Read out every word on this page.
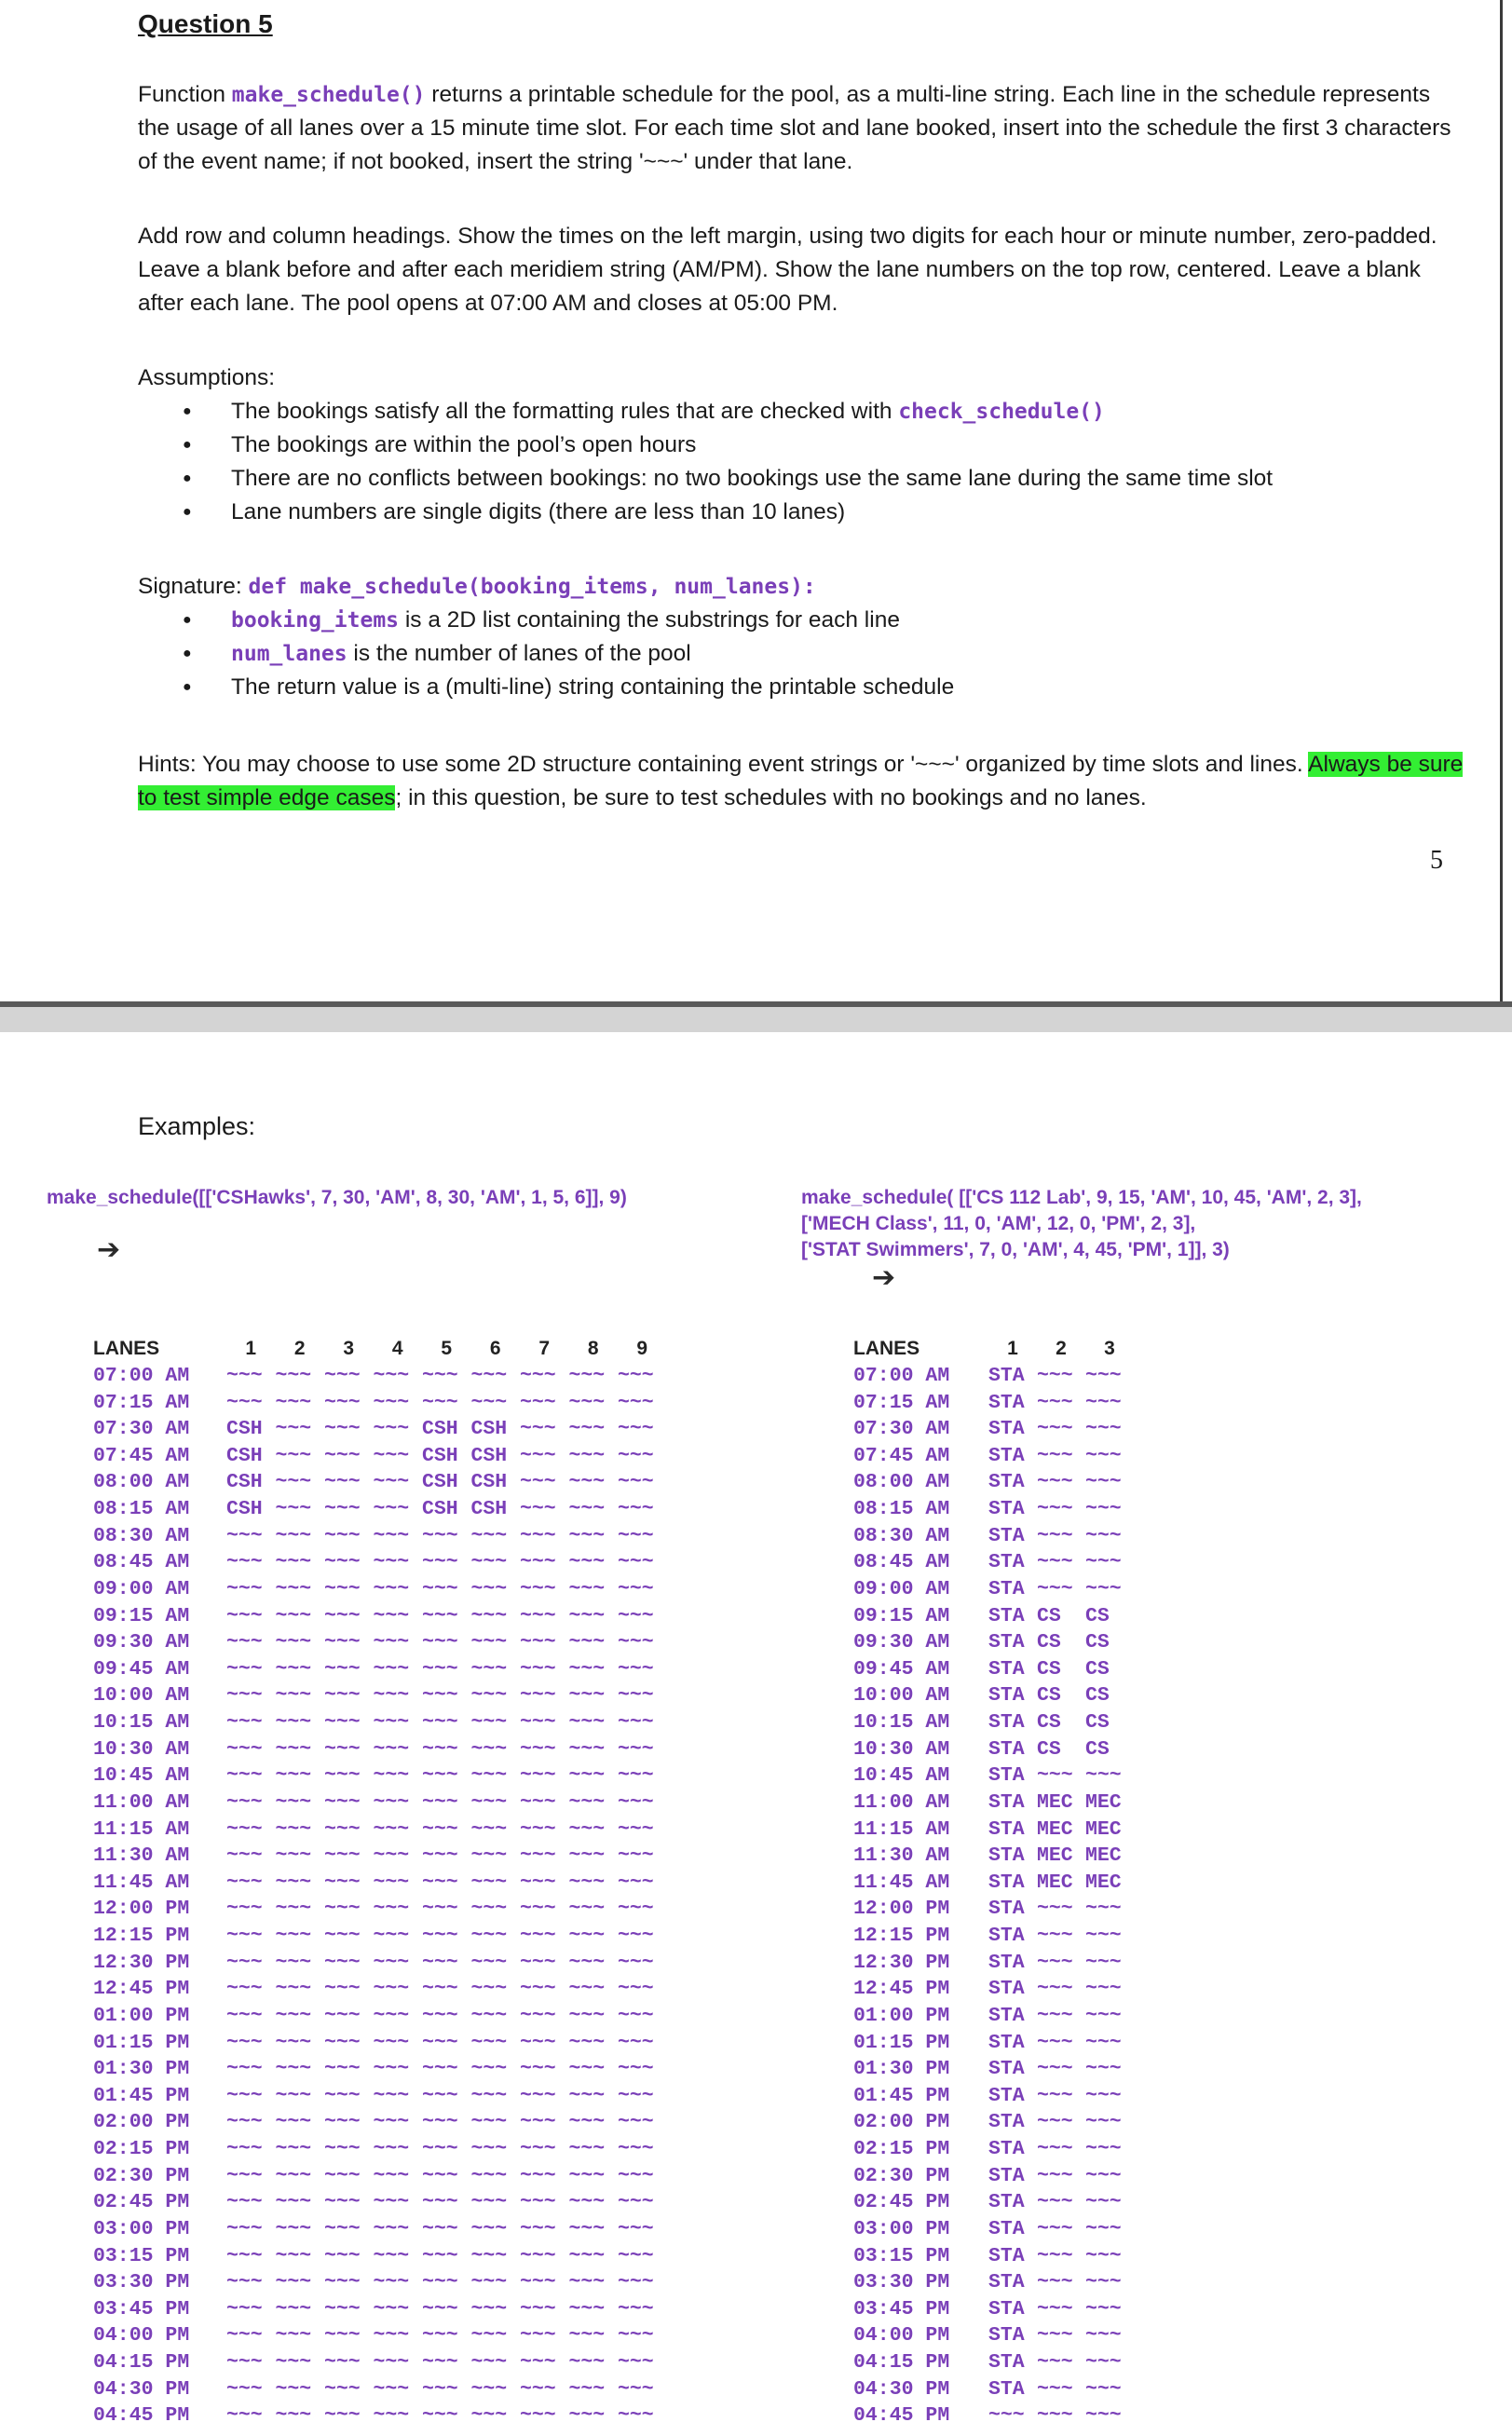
Question 5

Function make_schedule() returns a printable schedule for the pool, as a multi-line string. Each line in the schedule represents the usage of all lanes over a 15 minute time slot. For each time slot and lane booked, insert into the schedule the first 3 characters of the event name; if not booked, insert the string '~~~' under that lane.

Add row and column headings. Show the times on the left margin, using two digits for each hour or minute number, zero-padded. Leave a blank before and after each meridiem string (AM/PM). Show the lane numbers on the top row, centered. Leave a blank after each lane. The pool opens at 07:00 AM and closes at 05:00 PM.

Assumptions:

● The bookings satisfy all the formatting rules that are checked with check_schedule()
● The bookings are within the pool’s open hours
● There are no conflicts between bookings: no two bookings use the same lane during the same time slot
● Lane numbers are single digits (there are less than 10 lanes)

Signature: def make_schedule(booking_items, num_lanes):

● booking_items is a 2D list containing the substrings for each line
● num_lanes is the number of lanes of the pool
● The return value is a (multi-line) string containing the printable schedule

Hints: You may choose to use some 2D structure containing event strings or '~~~' organized by time slots and lines. Always be sure to test simple edge cases; in this question, be sure to test schedules with no bookings and no lanes.

5

Examples:

make_schedule([['CSHawks', 7, 30, 'AM', 8, 30, 'AM', 1, 5, 6]], 9)
➔
make_schedule( [['CS 112 Lab', 9, 15, 'AM', 10, 45, 'AM', 2, 3],
['MECH Class', 11, 0, 'AM', 12, 0, 'PM', 2, 3],
['STAT Swimmers', 7, 0, 'AM', 4, 45, 'PM', 1]], 3)
➔
LANES	1	2	3	4	5	6	7	8	9
07:00 AM	~~~ ~~~ ~~~ ~~~ ~~~ ~~~ ~~~ ~~~ ~~~
07:15 AM	~~~ ~~~ ~~~ ~~~ ~~~ ~~~ ~~~ ~~~ ~~~
07:30 AM	CSH ~~~ ~~~ ~~~ CSH CSH ~~~ ~~~ ~~~
07:45 AM	CSH ~~~ ~~~ ~~~ CSH CSH ~~~ ~~~ ~~~
08:00 AM	CSH ~~~ ~~~ ~~~ CSH CSH ~~~ ~~~ ~~~
08:15 AM	CSH ~~~ ~~~ ~~~ CSH CSH ~~~ ~~~ ~~~
08:30 AM	~~~ ~~~ ~~~ ~~~ ~~~ ~~~ ~~~ ~~~ ~~~
08:45 AM	~~~ ~~~ ~~~ ~~~ ~~~ ~~~ ~~~ ~~~ ~~~
09:00 AM	~~~ ~~~ ~~~ ~~~ ~~~ ~~~ ~~~ ~~~ ~~~
09:15 AM	~~~ ~~~ ~~~ ~~~ ~~~ ~~~ ~~~ ~~~ ~~~
09:30 AM	~~~ ~~~ ~~~ ~~~ ~~~ ~~~ ~~~ ~~~ ~~~
09:45 AM	~~~ ~~~ ~~~ ~~~ ~~~ ~~~ ~~~ ~~~ ~~~
10:00 AM	~~~ ~~~ ~~~ ~~~ ~~~ ~~~ ~~~ ~~~ ~~~
10:15 AM	~~~ ~~~ ~~~ ~~~ ~~~ ~~~ ~~~ ~~~ ~~~
10:30 AM	~~~ ~~~ ~~~ ~~~ ~~~ ~~~ ~~~ ~~~ ~~~
10:45 AM	~~~ ~~~ ~~~ ~~~ ~~~ ~~~ ~~~ ~~~ ~~~
11:00 AM	~~~ ~~~ ~~~ ~~~ ~~~ ~~~ ~~~ ~~~ ~~~
11:15 AM	~~~ ~~~ ~~~ ~~~ ~~~ ~~~ ~~~ ~~~ ~~~
11:30 AM	~~~ ~~~ ~~~ ~~~ ~~~ ~~~ ~~~ ~~~ ~~~
11:45 AM	~~~ ~~~ ~~~ ~~~ ~~~ ~~~ ~~~ ~~~ ~~~
12:00 PM	~~~ ~~~ ~~~ ~~~ ~~~ ~~~ ~~~ ~~~ ~~~
12:15 PM	~~~ ~~~ ~~~ ~~~ ~~~ ~~~ ~~~ ~~~ ~~~
12:30 PM	~~~ ~~~ ~~~ ~~~ ~~~ ~~~ ~~~ ~~~ ~~~
12:45 PM	~~~ ~~~ ~~~ ~~~ ~~~ ~~~ ~~~ ~~~ ~~~
01:00 PM	~~~ ~~~ ~~~ ~~~ ~~~ ~~~ ~~~ ~~~ ~~~
01:15 PM	~~~ ~~~ ~~~ ~~~ ~~~ ~~~ ~~~ ~~~ ~~~
01:30 PM	~~~ ~~~ ~~~ ~~~ ~~~ ~~~ ~~~ ~~~ ~~~
01:45 PM	~~~ ~~~ ~~~ ~~~ ~~~ ~~~ ~~~ ~~~ ~~~
02:00 PM	~~~ ~~~ ~~~ ~~~ ~~~ ~~~ ~~~ ~~~ ~~~
02:15 PM	~~~ ~~~ ~~~ ~~~ ~~~ ~~~ ~~~ ~~~ ~~~
02:30 PM	~~~ ~~~ ~~~ ~~~ ~~~ ~~~ ~~~ ~~~ ~~~
02:45 PM	~~~ ~~~ ~~~ ~~~ ~~~ ~~~ ~~~ ~~~ ~~~
03:00 PM	~~~ ~~~ ~~~ ~~~ ~~~ ~~~ ~~~ ~~~ ~~~
03:15 PM	~~~ ~~~ ~~~ ~~~ ~~~ ~~~ ~~~ ~~~ ~~~
03:30 PM	~~~ ~~~ ~~~ ~~~ ~~~ ~~~ ~~~ ~~~ ~~~
03:45 PM	~~~ ~~~ ~~~ ~~~ ~~~ ~~~ ~~~ ~~~ ~~~
04:00 PM	~~~ ~~~ ~~~ ~~~ ~~~ ~~~ ~~~ ~~~ ~~~
04:15 PM	~~~ ~~~ ~~~ ~~~ ~~~ ~~~ ~~~ ~~~ ~~~
04:30 PM	~~~ ~~~ ~~~ ~~~ ~~~ ~~~ ~~~ ~~~ ~~~
04:45 PM	~~~ ~~~ ~~~ ~~~ ~~~ ~~~ ~~~ ~~~ ~~~
LANES	1	2	3
07:00 AM	STA ~~~ ~~~
07:15 AM	STA ~~~ ~~~
07:30 AM	STA ~~~ ~~~
07:45 AM	STA ~~~ ~~~
08:00 AM	STA ~~~ ~~~
08:15 AM	STA ~~~ ~~~
08:30 AM	STA ~~~ ~~~
08:45 AM	STA ~~~ ~~~
09:00 AM	STA ~~~ ~~~
09:15 AM	STA CS	CS
09:30 AM	STA CS	CS
09:45 AM	STA CS	CS
10:00 AM	STA CS	CS
10:15 AM	STA CS	CS
10:30 AM	STA CS	CS
10:45 AM	STA ~~~ ~~~
11:00 AM	STA MEC MEC
11:15 AM	STA MEC MEC
11:30 AM	STA MEC MEC
11:45 AM	STA MEC MEC
12:00 PM	STA ~~~ ~~~
12:15 PM	STA ~~~ ~~~
12:30 PM	STA ~~~ ~~~
12:45 PM	STA ~~~ ~~~
01:00 PM	STA ~~~ ~~~
01:15 PM	STA ~~~ ~~~
01:30 PM	STA ~~~ ~~~
01:45 PM	STA ~~~ ~~~
02:00 PM	STA ~~~ ~~~
02:15 PM	STA ~~~ ~~~
02:30 PM	STA ~~~ ~~~
02:45 PM	STA ~~~ ~~~
03:00 PM	STA ~~~ ~~~
03:15 PM	STA ~~~ ~~~
03:30 PM	STA ~~~ ~~~
03:45 PM	STA ~~~ ~~~
04:00 PM	STA ~~~ ~~~
04:15 PM	STA ~~~ ~~~
04:30 PM	STA ~~~ ~~~
04:45 PM	~~~ ~~~ ~~~
